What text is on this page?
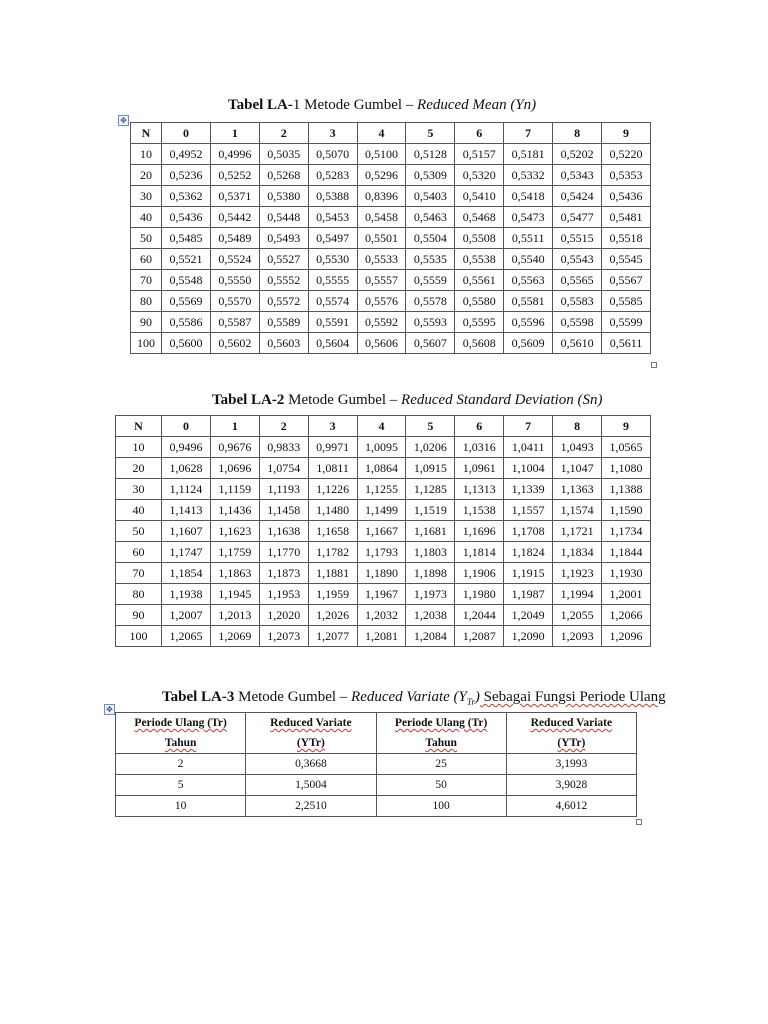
Tabel LA-1 Metode Gumbel – Reduced Mean (Yn)
✥
N	0	1	2	3	4	5	6	7	8	9
10	0,4952	0,4996	0,5035	0,5070	0,5100	0,5128	0,5157	0,5181	0,5202	0,5220
20	0,5236	0,5252	0,5268	0,5283	0,5296	0,5309	0,5320	0,5332	0,5343	0,5353
30	0,5362	0,5371	0,5380	0,5388	0,8396	0,5403	0,5410	0,5418	0,5424	0,5436
40	0,5436	0,5442	0,5448	0,5453	0,5458	0,5463	0,5468	0,5473	0,5477	0,5481
50	0,5485	0,5489	0,5493	0,5497	0,5501	0,5504	0,5508	0,5511	0,5515	0,5518
60	0,5521	0,5524	0,5527	0,5530	0,5533	0,5535	0,5538	0,5540	0,5543	0,5545
70	0,5548	0,5550	0,5552	0,5555	0,5557	0,5559	0,5561	0,5563	0,5565	0,5567
80	0,5569	0,5570	0,5572	0,5574	0,5576	0,5578	0,5580	0,5581	0,5583	0,5585
90	0,5586	0,5587	0,5589	0,5591	0,5592	0,5593	0,5595	0,5596	0,5598	0,5599
100	0,5600	0,5602	0,5603	0,5604	0,5606	0,5607	0,5608	0,5609	0,5610	0,5611
Tabel LA-2 Metode Gumbel – Reduced Standard Deviation (Sn)
N	0	1	2	3	4	5	6	7	8	9
10	0,9496	0,9676	0,9833	0,9971	1,0095	1,0206	1,0316	1,0411	1,0493	1,0565
20	1,0628	1,0696	1,0754	1,0811	1,0864	1,0915	1,0961	1,1004	1,1047	1,1080
30	1,1124	1,1159	1,1193	1,1226	1,1255	1,1285	1,1313	1,1339	1,1363	1,1388
40	1,1413	1,1436	1,1458	1,1480	1,1499	1,1519	1,1538	1,1557	1,1574	1,1590
50	1,1607	1,1623	1,1638	1,1658	1,1667	1,1681	1,1696	1,1708	1,1721	1,1734
60	1,1747	1,1759	1,1770	1,1782	1,1793	1,1803	1,1814	1,1824	1,1834	1,1844
70	1,1854	1,1863	1,1873	1,1881	1,1890	1,1898	1,1906	1,1915	1,1923	1,1930
80	1,1938	1,1945	1,1953	1,1959	1,1967	1,1973	1,1980	1,1987	1,1994	1,2001
90	1,2007	1,2013	1,2020	1,2026	1,2032	1,2038	1,2044	1,2049	1,2055	1,2066
100	1,2065	1,2069	1,2073	1,2077	1,2081	1,2084	1,2087	1,2090	1,2093	1,2096
Tabel LA-3 Metode Gumbel – Reduced Variate $(Y_{Tr})$ Sebagai Fungsi Periode Ulang
✥
Periode Ulang (Tr)	Reduced Variate	Periode Ulang (Tr)	Reduced Variate
Tahun	(YTr)	Tahun	(YTr)
2	0,3668	25	3,1993
5	1,5004	50	3,9028
10	2,2510	100	4,6012
